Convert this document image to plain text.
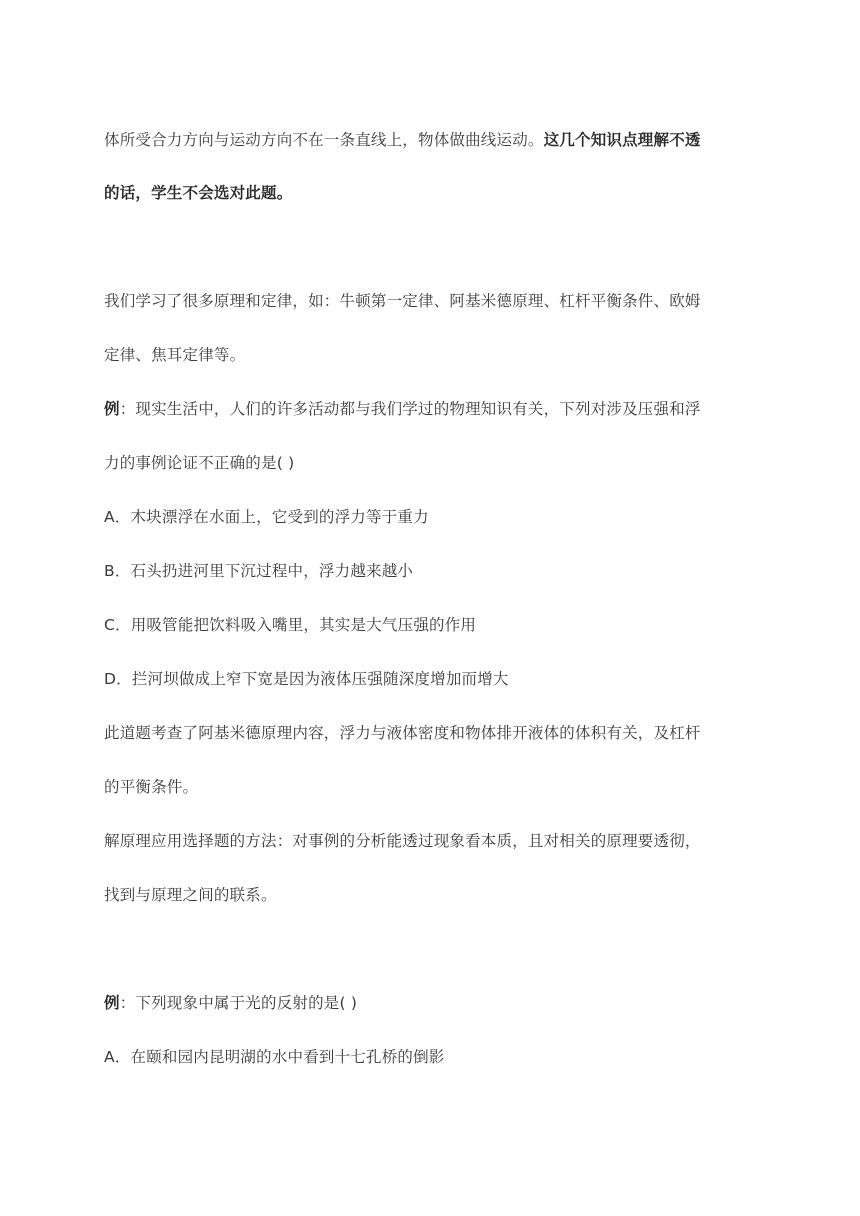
体所受合力方向与运动方向不在一条直线上，物体做曲线运动。这几个知识点理解不透
的话，学生不会选对此题。
我们学习了很多原理和定律，如：牛顿第一定律、阿基米德原理、杠杆平衡条件、欧姆
定律、焦耳定律等。
例：现实生活中，人们的许多活动都与我们学过的物理知识有关，下列对涉及压强和浮
力的事例论证不正确的是( )
A．木块漂浮在水面上，它受到的浮力等于重力
B．石头扔进河里下沉过程中，浮力越来越小
C．用吸管能把饮料吸入嘴里，其实是大气压强的作用
D．拦河坝做成上窄下宽是因为液体压强随深度增加而增大
此道题考查了阿基米德原理内容，浮力与液体密度和物体排开液体的体积有关，及杠杆
的平衡条件。
解原理应用选择题的方法：对事例的分析能透过现象看本质，且对相关的原理要透彻，
找到与原理之间的联系。
例：下列现象中属于光的反射的是( )
A．在颐和园内昆明湖的水中看到十七孔桥的倒影
